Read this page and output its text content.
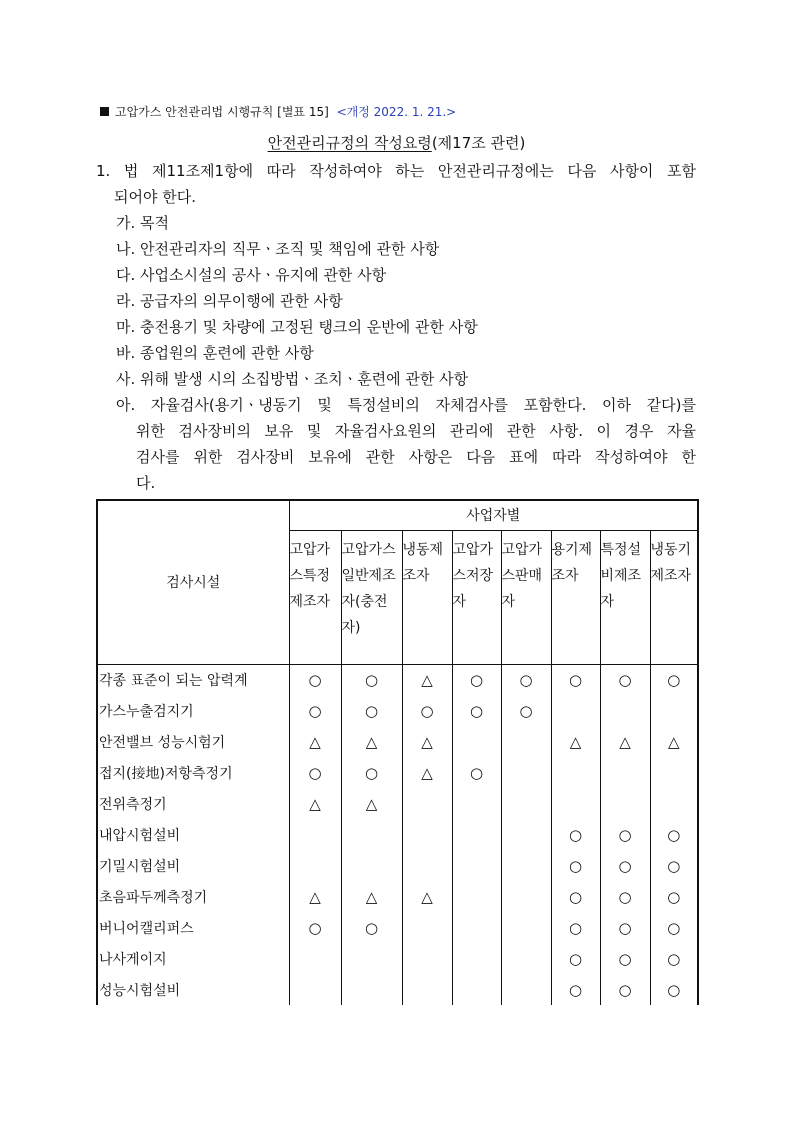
고압가스 안전관리법 시행규칙 [별표 15] <개정 2022. 1. 21.>
안전관리규정의 작성요령(제17조 관련)
1. 법 제11조제1항에 따라 작성하여야 하는 안전관리규정에는 다음 사항이 포함
되어야 한다.
가. 목적
나. 안전관리자의 직무ㆍ조직 및 책임에 관한 사항
다. 사업소시설의 공사ㆍ유지에 관한 사항
라. 공급자의 의무이행에 관한 사항
마. 충전용기 및 차량에 고정된 탱크의 운반에 관한 사항
바. 종업원의 훈련에 관한 사항
사. 위해 발생 시의 소집방법ㆍ조치ㆍ훈련에 관한 사항
아. 자율검사(용기ㆍ냉동기 및 특정설비의 자체검사를 포함한다. 이하 같다)를
위한 검사장비의 보유 및 자율검사요원의 관리에 관한 사항. 이 경우 자율
검사를 위한 검사장비 보유에 관한 사항은 다음 표에 따라 작성하여야 한
다.
검사시설	사업자별							
	고압가스특정제조자	고압가스일반제조자(충전자)	냉동제조자	고압가스저장자	고압가스판매자	용기제조자	특정설비제조자	냉동기제조자
각종 표준이 되는 압력계	○	○	△	○	○	○	○	○
가스누출검지기	○	○	○	○	○			
안전밸브 성능시험기	△	△	△			△	△	△
접지(接地)저항측정기	○	○	△	○				
전위측정기	△	△						
내압시험설비						○	○	○
기밀시험설비						○	○	○
초음파두께측정기	△	△	△			○	○	○
버니어캘리퍼스	○	○				○	○	○
나사게이지						○	○	○
성능시험설비						○	○	○
